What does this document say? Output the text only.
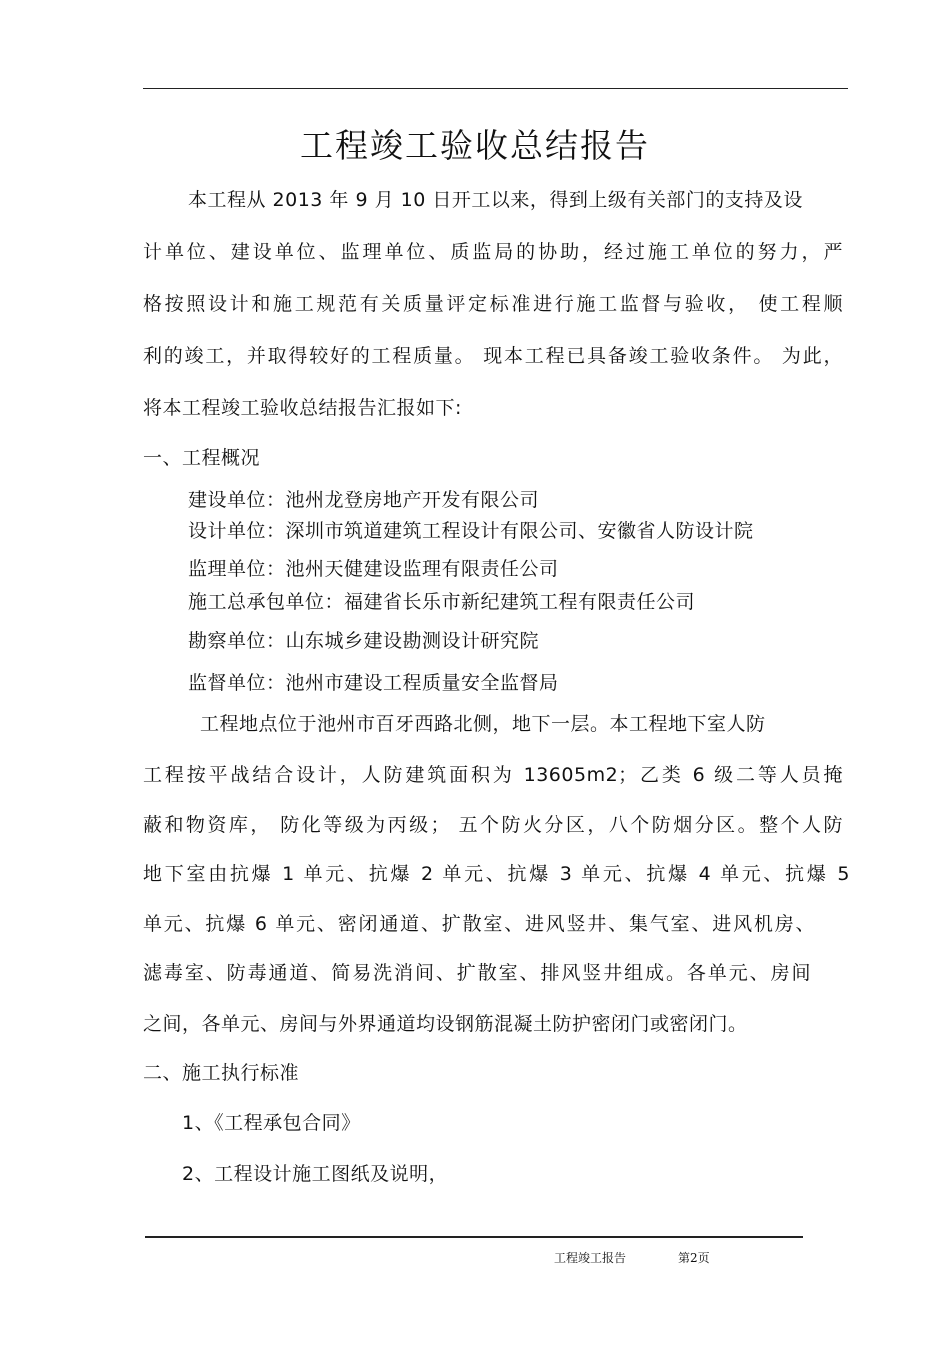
工程竣工验收总结报告
本工程从 2013 年 9 月 10 日开工以来，得到上级有关部门的支持及设
计单位、建设单位、监理单位、质监局的协助，经过施工单位的努力，严
格按照设计和施工规范有关质量评定标准进行施工监督与验收， 使工程顺
利的竣工，并取得较好的工程质量。 现本工程已具备竣工验收条件。 为此，
将本工程竣工验收总结报告汇报如下:
一、工程概况
建设单位：池州龙登房地产开发有限公司
设计单位：深圳市筑道建筑工程设计有限公司、安徽省人防设计院
监理单位：池州天健建设监理有限责任公司
施工总承包单位：福建省长乐市新纪建筑工程有限责任公司
勘察单位：山东城乡建设勘测设计研究院
监督单位：池州市建设工程质量安全监督局
工程地点位于池州市百牙西路北侧，地下一层。本工程地下室人防
工程按平战结合设计，人防建筑面积为 13605m2；乙类 6 级二等人员掩
蔽和物资库， 防化等级为丙级； 五个防火分区，八个防烟分区。整个人防
地下室由抗爆 1 单元、抗爆 2 单元、抗爆 3 单元、抗爆 4 单元、抗爆 5
单元、抗爆 6 单元、密闭通道、扩散室、进风竖井、集气室、进风机房、
滤毒室、防毒通道、简易洗消间、扩散室、排风竖井组成。各单元、房间
之间，各单元、房间与外界通道均设钢筋混凝土防护密闭门或密闭门。
二、施工执行标准
1、《工程承包合同》
2、工程设计施工图纸及说明，
工程竣工报告	第2页
